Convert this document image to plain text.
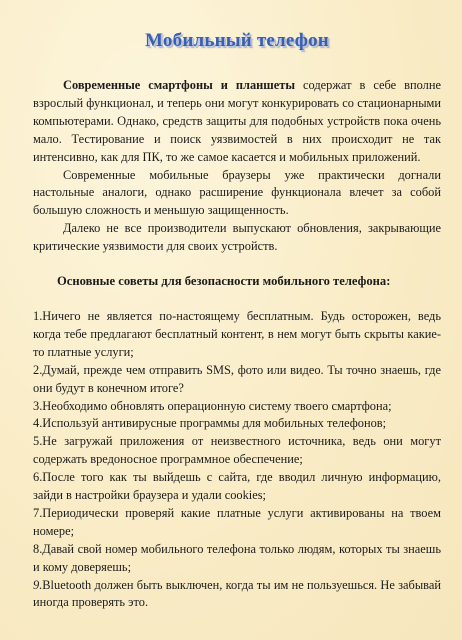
Мобильный телефон

Современные смартфоны и планшеты содержат в себе вполне взрослый функционал, и теперь они могут конкурировать со стационарными компьютерами. Однако, средств защиты для подобных устройств пока очень мало. Тестирование и поиск уязвимостей в них происходит не так интенсивно, как для ПК, то же самое касается и мобильных приложений.

Современные мобильные браузеры уже практически догнали настольные аналоги, однако расширение функционала влечет за собой большую сложность и меньшую защищенность.

Далеко не все производители выпускают обновления, закрывающие критические уязвимости для своих устройств.

Основные советы для безопасности мобильного телефона:

1.Ничего не является по-настоящему бесплатным. Будь осторожен, ведь когда тебе предлагают бесплатный контент, в нем могут быть скрыты какие-то платные услуги;

2.Думай, прежде чем отправить SMS, фото или видео. Ты точно знаешь, где они будут в конечном итоге?

3.Необходимо обновлять операционную систему твоего смартфона;

4.Используй антивирусные программы для мобильных телефонов;

5.Не загружай приложения от неизвестного источника, ведь они могут содержать вредоносное программное обеспечение;

6.После того как ты выйдешь с сайта, где вводил личную информацию, зайди в настройки браузера и удали cookies;

7.Периодически проверяй какие платные услуги активированы на твоем номере;

8.Давай свой номер мобильного телефона только людям, которых ты знаешь и кому доверяешь;

9.Bluetooth должен быть выключен, когда ты им не пользуешься. Не забывай иногда проверять это.
